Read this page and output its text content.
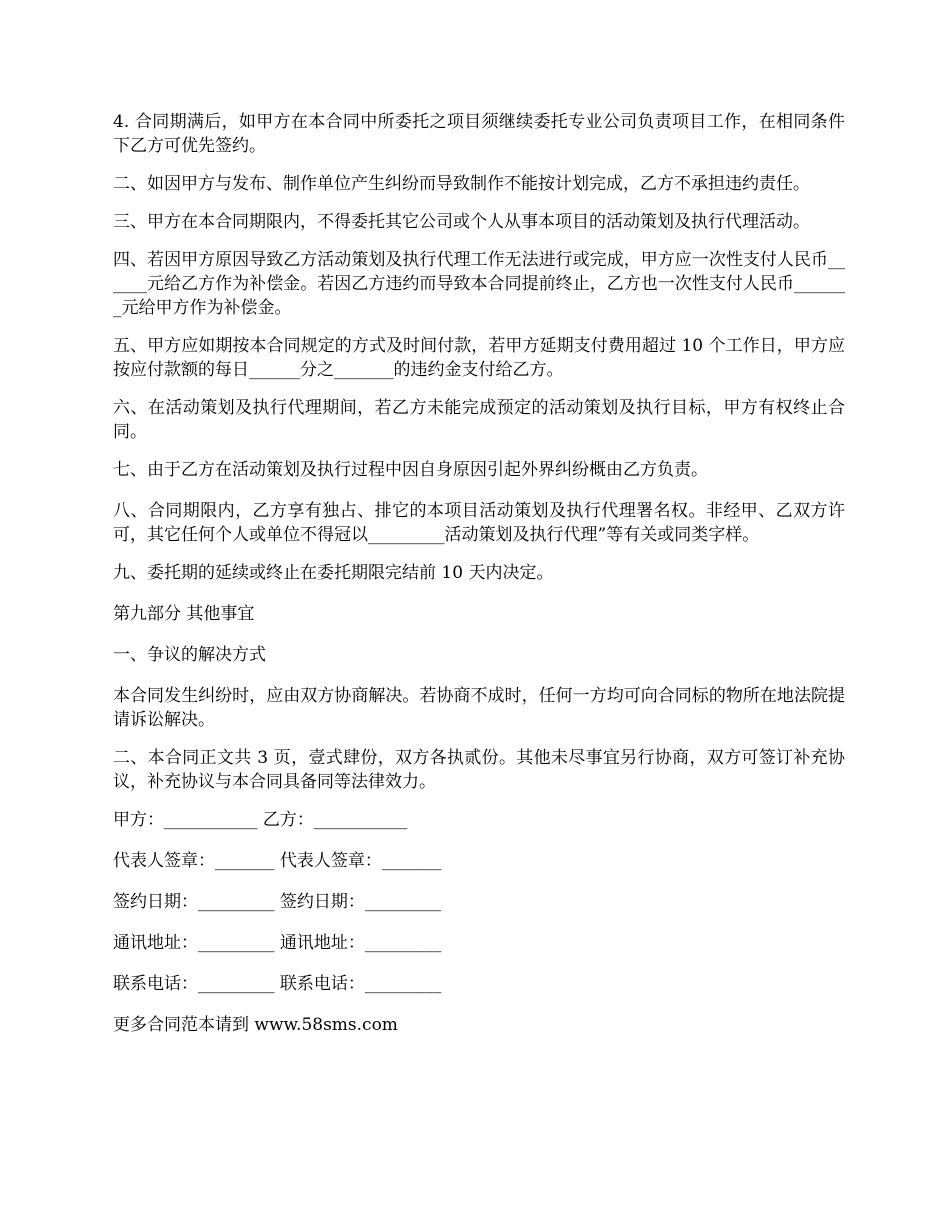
4. 合同期满后，如甲方在本合同中所委托之项目须继续委托专业公司负责项目工作，在相同条件下乙方可优先签约。

二、如因甲方与发布、制作单位产生纠纷而导致制作不能按计划完成，乙方不承担违约责任。

三、甲方在本合同期限内，不得委托其它公司或个人从事本项目的活动策划及执行代理活动。

四、若因甲方原因导致乙方活动策划及执行代理工作无法进行或完成，甲方应一次性支付人民币______元给乙方作为补偿金。若因乙方违约而导致本合同提前终止，乙方也一次性支付人民币_______元给甲方作为补偿金。

五、甲方应如期按本合同规定的方式及时间付款，若甲方延期支付费用超过 10 个工作日，甲方应按应付款额的每日______分之_______的违约金支付给乙方。

六、在活动策划及执行代理期间，若乙方未能完成预定的活动策划及执行目标，甲方有权终止合同。

七、由于乙方在活动策划及执行过程中因自身原因引起外界纠纷概由乙方负责。

八、合同期限内，乙方享有独占、排它的本项目活动策划及执行代理署名权。非经甲、乙双方许可，其它任何个人或单位不得冠以_________活动策划及执行代理”等有关或同类字样。

九、委托期的延续或终止在委托期限完结前 10 天内决定。

第九部分 其他事宜

一、争议的解决方式

本合同发生纠纷时，应由双方协商解决。若协商不成时，任何一方均可向合同标的物所在地法院提请诉讼解决。

二、本合同正文共 3 页，壹式肆份，双方各执贰份。其他未尽事宜另行协商，双方可签订补充协议，补充协议与本合同具备同等法律效力。

甲方：___________ 乙方：___________

代表人签章：_______ 代表人签章：_______

签约日期：_________ 签约日期：_________

通讯地址：_________ 通讯地址：_________

联系电话：_________ 联系电话：_________

更多合同范本请到 www.58sms.com
